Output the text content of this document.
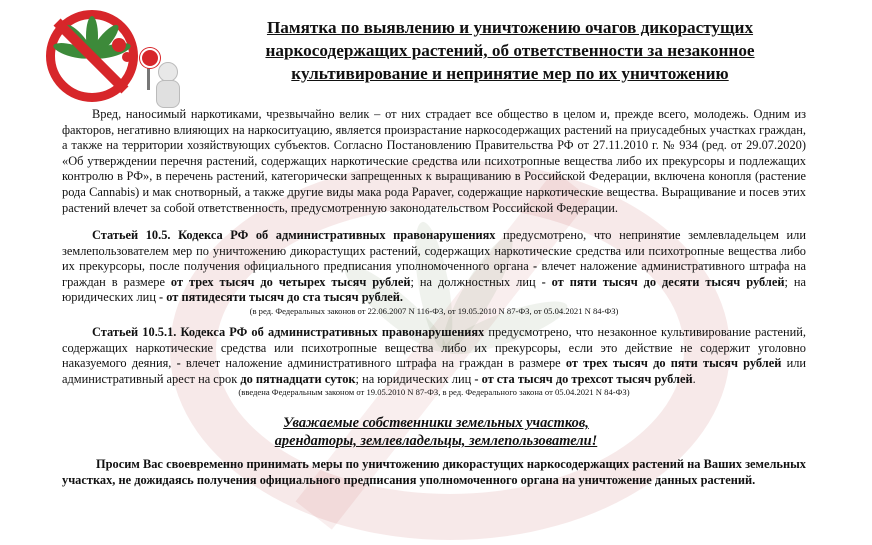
Памятка по выявлению и уничтожению очагов дикорастущих наркосодержащих растений, об ответственности за незаконное культивирование и непринятие мер по их уничтожению
Вред, наносимый наркотиками, чрезвычайно велик – от них страдает все общество в целом и, прежде всего, молодежь. Одним из факторов, негативно влияющих на наркоситуацию, является произрастание наркосодержащих растений на приусадебных участках граждан, а также на территории хозяйствующих субъектов. Согласно Постановлению Правительства РФ от 27.11.2010 г. № 934 (ред. от 29.07.2020) «Об утверждении перечня растений, содержащих наркотические средства или психотропные вещества либо их прекурсоры и подлежащих контролю в РФ», в перечень растений, категорически запрещенных к выращиванию в Российской Федерации, включена конопля (растение рода Cannabis) и мак снотворный, а также другие виды мака рода Papaver, содержащие наркотические вещества. Выращивание и посев этих растений влечет за собой ответственность, предусмотренную законодательством Российской Федерации.

Статьей 10.5. Кодекса РФ об административных правонарушениях предусмотрено, что непринятие землевладельцем или землепользователем мер по уничтожению дикорастущих растений, содержащих наркотические средства или психотропные вещества либо их прекурсоры, после получения официального предписания уполномоченного органа - влечет наложение административного штрафа на граждан в размере от трех тысяч до четырех тысяч рублей; на должностных лиц - от пяти тысяч до десяти тысяч рублей; на юридических лиц - от пятидесяти тысяч до ста тысяч рублей.

(в ред. Федеральных законов от 22.06.2007 N 116-ФЗ, от 19.05.2010 N 87-ФЗ, от 05.04.2021 N 84-ФЗ)

Статьей 10.5.1. Кодекса РФ об административных правонарушениях предусмотрено, что незаконное культивирование растений, содержащих наркотические средства или психотропные вещества либо их прекурсоры, если это действие не содержит уголовно наказуемого деяния, - влечет наложение административного штрафа на граждан в размере от трех тысяч до пяти тысяч рублей или административный арест на срок до пятнадцати суток; на юридических лиц - от ста тысяч до трехсот тысяч рублей.

(введена Федеральным законом от 19.05.2010 N 87-ФЗ, в ред. Федерального закона от 05.04.2021 N 84-ФЗ)
Уважаемые собственники земельных участков,
арендаторы, землевладельцы, землепользователи!
Просим Вас своевременно принимать меры по уничтожению дикорастущих наркосодержащих растений на Ваших земельных участках, не дожидаясь получения официального предписания уполномоченного органа на уничтожение данных растений.
